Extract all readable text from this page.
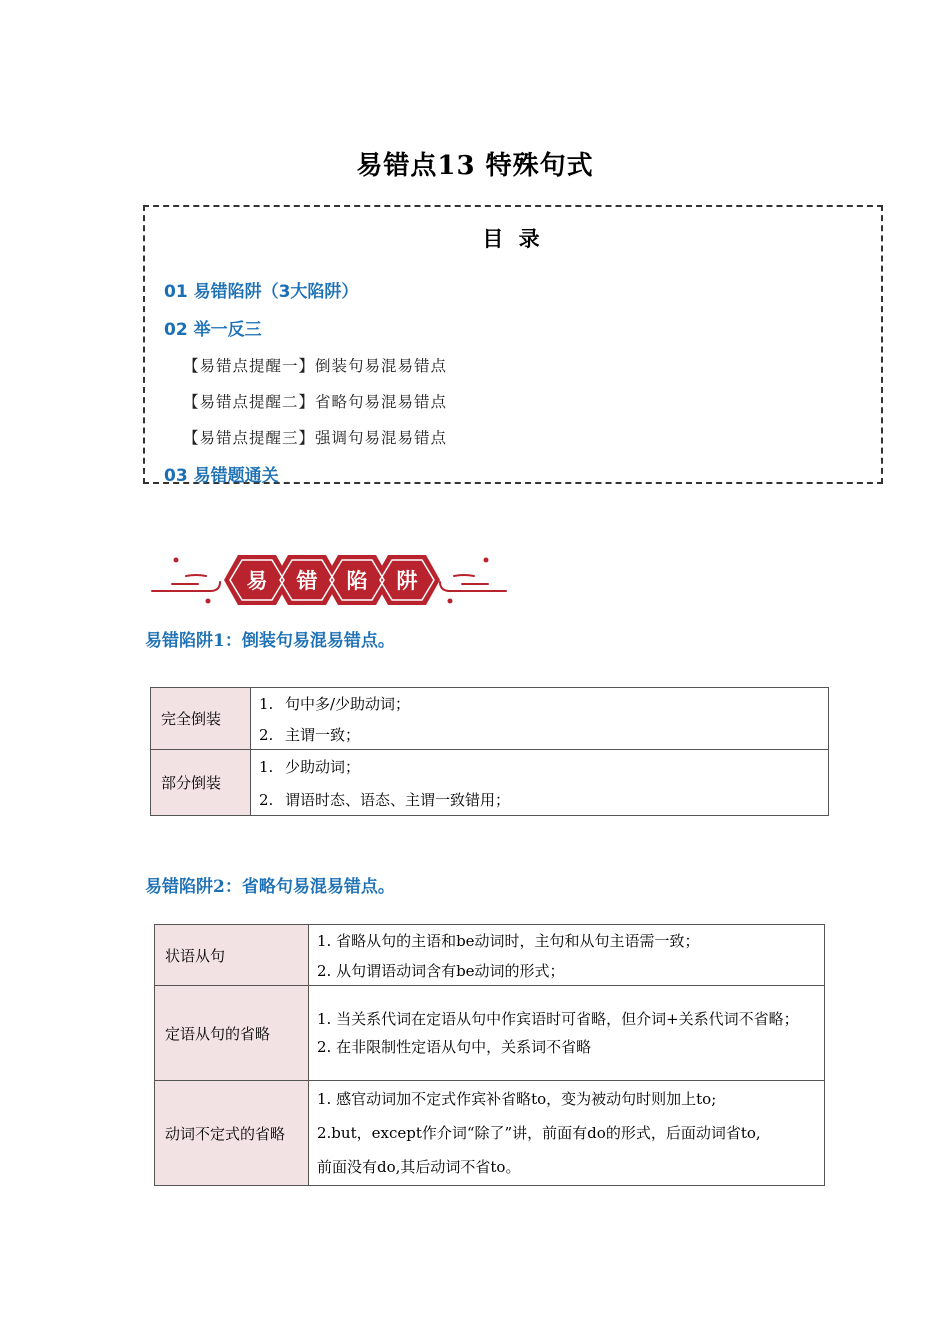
易错点13 特殊句式
目 录
01 易错陷阱（3大陷阱）
02 举一反三
【易错点提醒一】倒装句易混易错点
【易错点提醒二】省略句易混易错点
【易错点提醒三】强调句易混易错点
03 易错题通关
易 错 陷 阱
易错陷阱1：倒装句易混易错点。
完全倒装	1. 句中多/少助动词；
2. 主谓一致；

部分倒装	1. 少助动词；
2. 谓语时态、语态、主谓一致错用；
易错陷阱2：省略句易混易错点。
状语从句	1. 省略从句的主语和be动词时，主句和从句主语需一致；
2. 从句谓语动词含有be动词的形式；

定语从句的省略	1. 当关系代词在定语从句中作宾语时可省略，但介词+关系代词不省略；
2. 在非限制性定语从句中，关系词不省略

动词不定式的省略	1. 感官动词加不定式作宾补省略to，变为被动句时则加上to;
2.but，except作介词“除了”讲，前面有do的形式，后面动词省to,
前面没有do,其后动词不省to。
